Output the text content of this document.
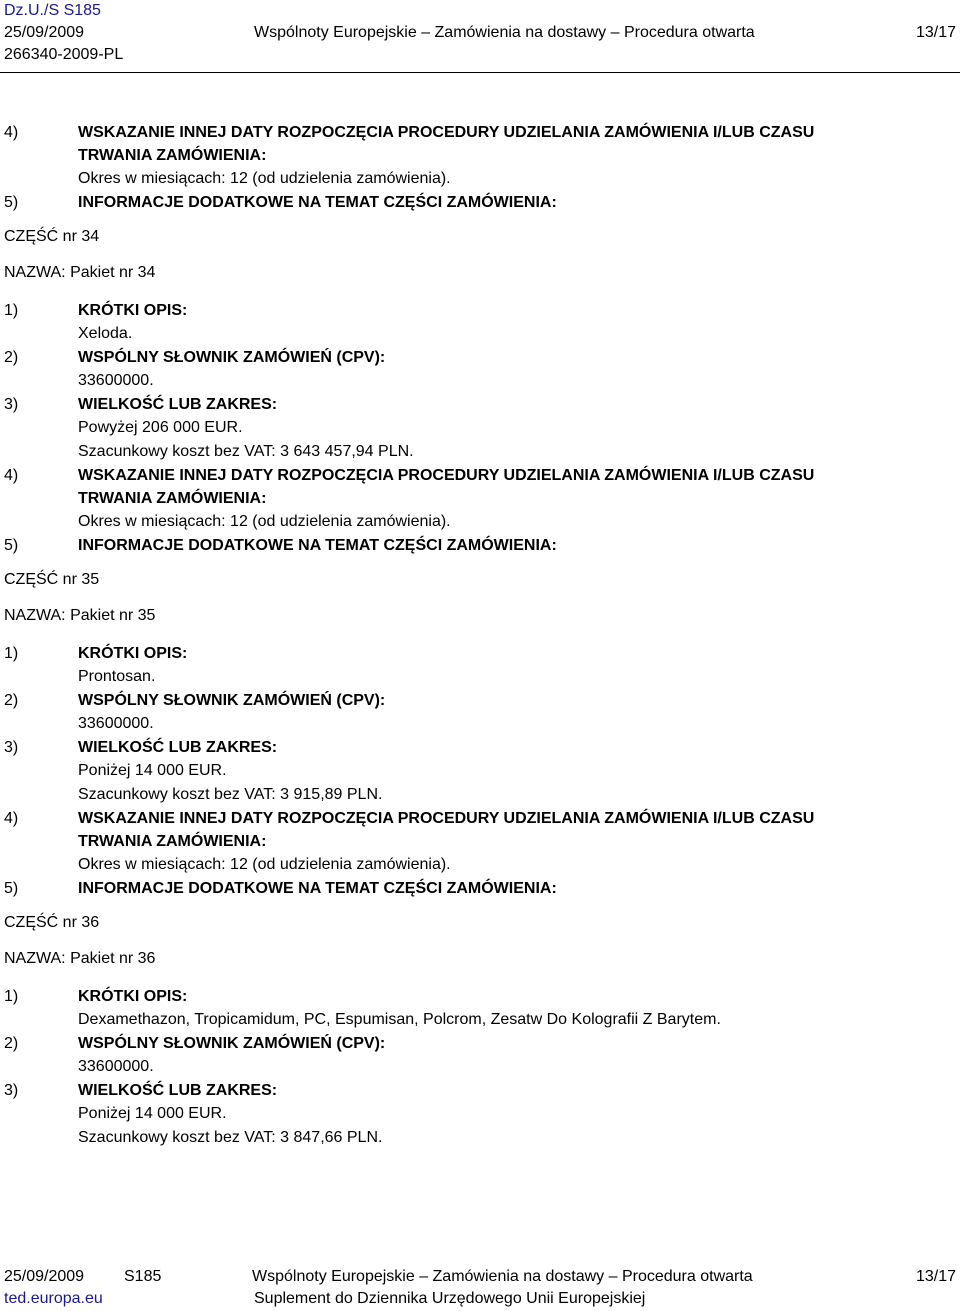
Dz.U./S S185
25/09/2009	Wspólnoty Europejskie – Zamówienia na dostawy – Procedura otwarta	13/17
266340-2009-PL
4)	WSKAZANIE INNEJ DATY ROZPOCZĘCIA PROCEDURY UDZIELANIA ZAMÓWIENIA I/LUB CZASU
TRWANIA ZAMÓWIENIA:
Okres w miesiącach: 12 (od udzielenia zamówienia).
5)	INFORMACJE DODATKOWE NA TEMAT CZĘŚCI ZAMÓWIENIA:
CZĘŚĆ nr 34
NAZWA: Pakiet nr 34
1)	KRÓTKI OPIS:
Xeloda.
2)	WSPÓLNY SŁOWNIK ZAMÓWIEŃ (CPV):
33600000.
3)	WIELKOŚĆ LUB ZAKRES:
Powyżej 206 000 EUR.
Szacunkowy koszt bez VAT: 3 643 457,94 PLN.
4)	WSKAZANIE INNEJ DATY ROZPOCZĘCIA PROCEDURY UDZIELANIA ZAMÓWIENIA I/LUB CZASU
TRWANIA ZAMÓWIENIA:
Okres w miesiącach: 12 (od udzielenia zamówienia).
5)	INFORMACJE DODATKOWE NA TEMAT CZĘŚCI ZAMÓWIENIA:
CZĘŚĆ nr 35
NAZWA: Pakiet nr 35
1)	KRÓTKI OPIS:
Prontosan.
2)	WSPÓLNY SŁOWNIK ZAMÓWIEŃ (CPV):
33600000.
3)	WIELKOŚĆ LUB ZAKRES:
Poniżej 14 000 EUR.
Szacunkowy koszt bez VAT: 3 915,89 PLN.
4)	WSKAZANIE INNEJ DATY ROZPOCZĘCIA PROCEDURY UDZIELANIA ZAMÓWIENIA I/LUB CZASU
TRWANIA ZAMÓWIENIA:
Okres w miesiącach: 12 (od udzielenia zamówienia).
5)	INFORMACJE DODATKOWE NA TEMAT CZĘŚCI ZAMÓWIENIA:
CZĘŚĆ nr 36
NAZWA: Pakiet nr 36
1)	KRÓTKI OPIS:
Dexamethazon, Tropicamidum, PC, Espumisan, Polcrom, Zesatw Do Kolografii Z Barytem.
2)	WSPÓLNY SŁOWNIK ZAMÓWIEŃ (CPV):
33600000.
3)	WIELKOŚĆ LUB ZAKRES:
Poniżej 14 000 EUR.
Szacunkowy koszt bez VAT: 3 847,66 PLN.
25/09/2009	S185	Wspólnoty Europejskie – Zamówienia na dostawy – Procedura otwarta	13/17
ted.europa.eu	Suplement do Dziennika Urzędowego Unii Europejskiej
